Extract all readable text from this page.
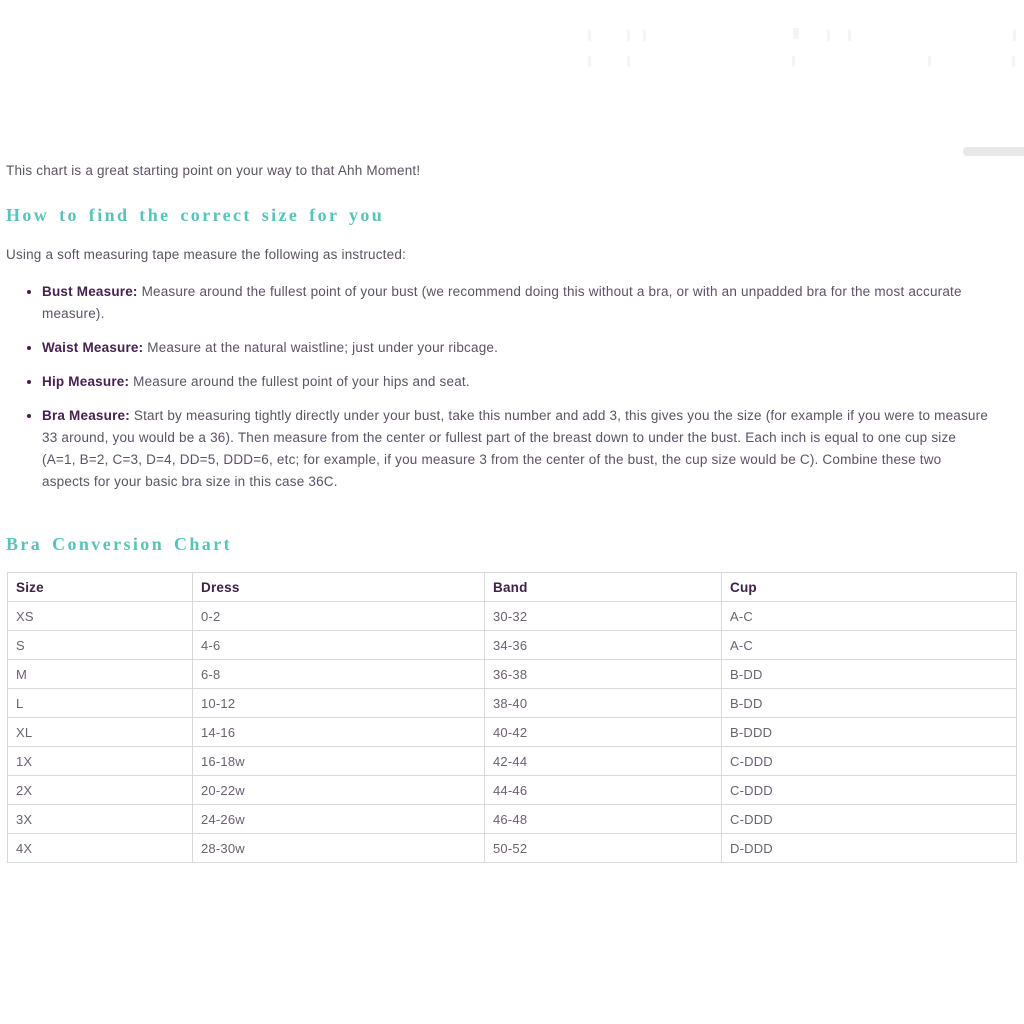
This chart is a great starting point on your way to that Ahh Moment!
How to find the correct size for you
Using a soft measuring tape measure the following as instructed:
Bust Measure: Measure around the fullest point of your bust (we recommend doing this without a bra, or with an unpadded bra for the most accurate measure).
Waist Measure: Measure at the natural waistline; just under your ribcage.
Hip Measure: Measure around the fullest point of your hips and seat.
Bra Measure: Start by measuring tightly directly under your bust, take this number and add 3, this gives you the size (for example if you were to measure 33 around, you would be a 36). Then measure from the center or fullest part of the breast down to under the bust. Each inch is equal to one cup size (A=1, B=2, C=3, D=4, DD=5, DDD=6, etc; for example, if you measure 3 from the center of the bust, the cup size would be C). Combine these two aspects for your basic bra size in this case 36C.
Bra Conversion Chart
Size	Dress	Band	Cup
XS	0-2	30-32	A-C
S	4-6	34-36	A-C
M	6-8	36-38	B-DD
L	10-12	38-40	B-DD
XL	14-16	40-42	B-DDD
1X	16-18w	42-44	C-DDD
2X	20-22w	44-46	C-DDD
3X	24-26w	46-48	C-DDD
4X	28-30w	50-52	D-DDD
